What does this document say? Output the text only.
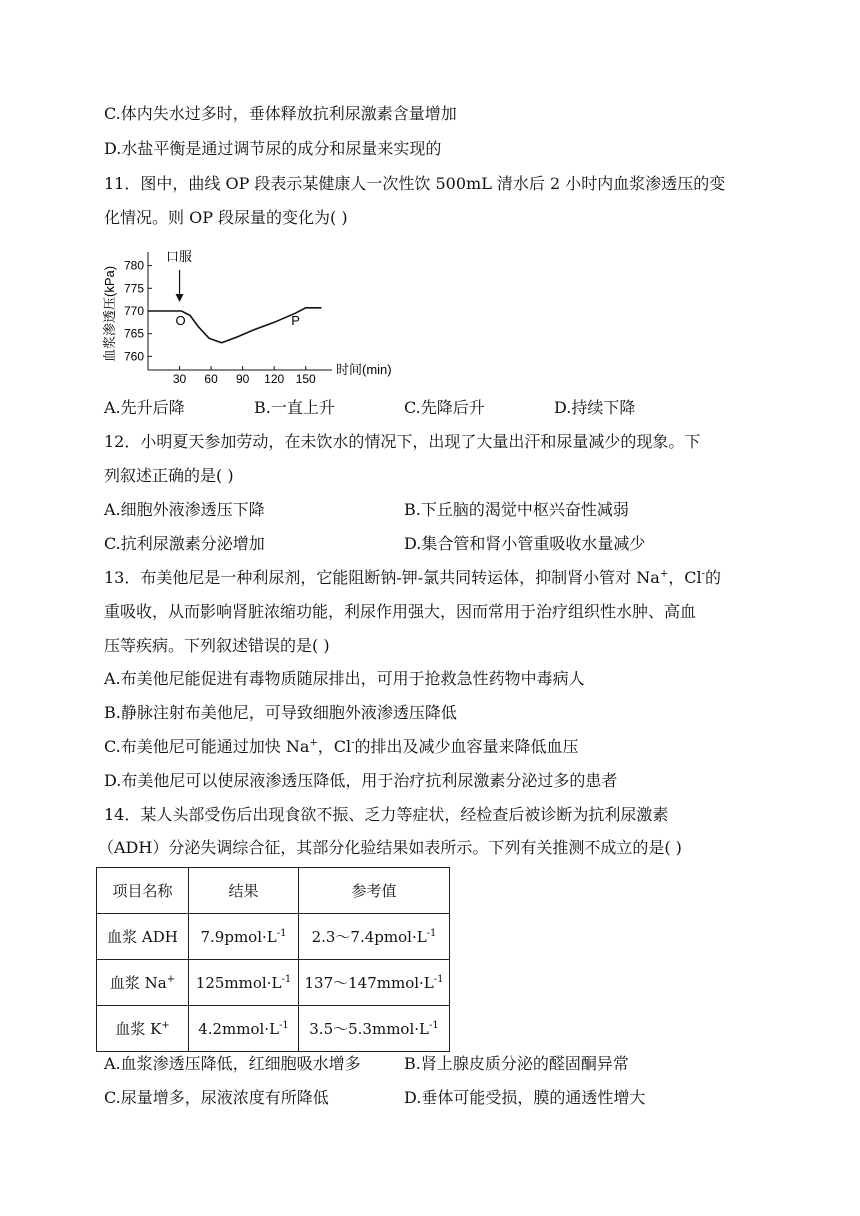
C.体内失水过多时，垂体释放抗利尿激素含量增加
D.水盐平衡是通过调节尿的成分和尿量来实现的
11．图中，曲线 OP 段表示某健康人一次性饮 500mL 清水后 2 小时内血浆渗透压的变
化情况。则 OP 段尿量的变化为( )
血浆渗透压(kPa)
780
775
770
765
760
30 60 90 120 150
时间(min)
口服
O	P
A.先升后降	B.一直上升	C.先降后升	D.持续下降
12．小明夏天参加劳动，在未饮水的情况下，出现了大量出汗和尿量减少的现象。下
列叙述正确的是( )
A.细胞外液渗透压下降	B.下丘脑的渴觉中枢兴奋性减弱
C.抗利尿激素分泌增加	D.集合管和肾小管重吸收水量减少
13．布美他尼是一种利尿剂，它能阻断钠-钾-氯共同转运体，抑制肾小管对 Na+，Cl-的
重吸收，从而影响肾脏浓缩功能，利尿作用强大，因而常用于治疗组织性水肿、高血
压等疾病。下列叙述错误的是( )
A.布美他尼能促进有毒物质随尿排出，可用于抢救急性药物中毒病人
B.静脉注射布美他尼，可导致细胞外液渗透压降低
C.布美他尼可能通过加快 Na+，Cl-的排出及减少血容量来降低血压
D.布美他尼可以使尿液渗透压降低，用于治疗抗利尿激素分泌过多的患者
14．某人头部受伤后出现食欲不振、乏力等症状，经检查后被诊断为抗利尿激素
（ADH）分泌失调综合征，其部分化验结果如表所示。下列有关推测不成立的是( )
项目名称	结果	参考值
血浆 ADH	$7.9pmol\cdot L^{-1}$	$2.3\sim 7.4pmol\cdot L^{-1}$
血浆 Na+	$125mmol\cdot L^{-1}$	$137\sim 147mmol\cdot L^{-1}$
血浆 K+	$4.2mmol\cdot L^{-1}$	$3.5\sim 5.3mmol\cdot L^{-1}$
A.血浆渗透压降低，红细胞吸水增多	B.肾上腺皮质分泌的醛固酮异常
C.尿量增多，尿液浓度有所降低	D.垂体可能受损，膜的通透性增大
